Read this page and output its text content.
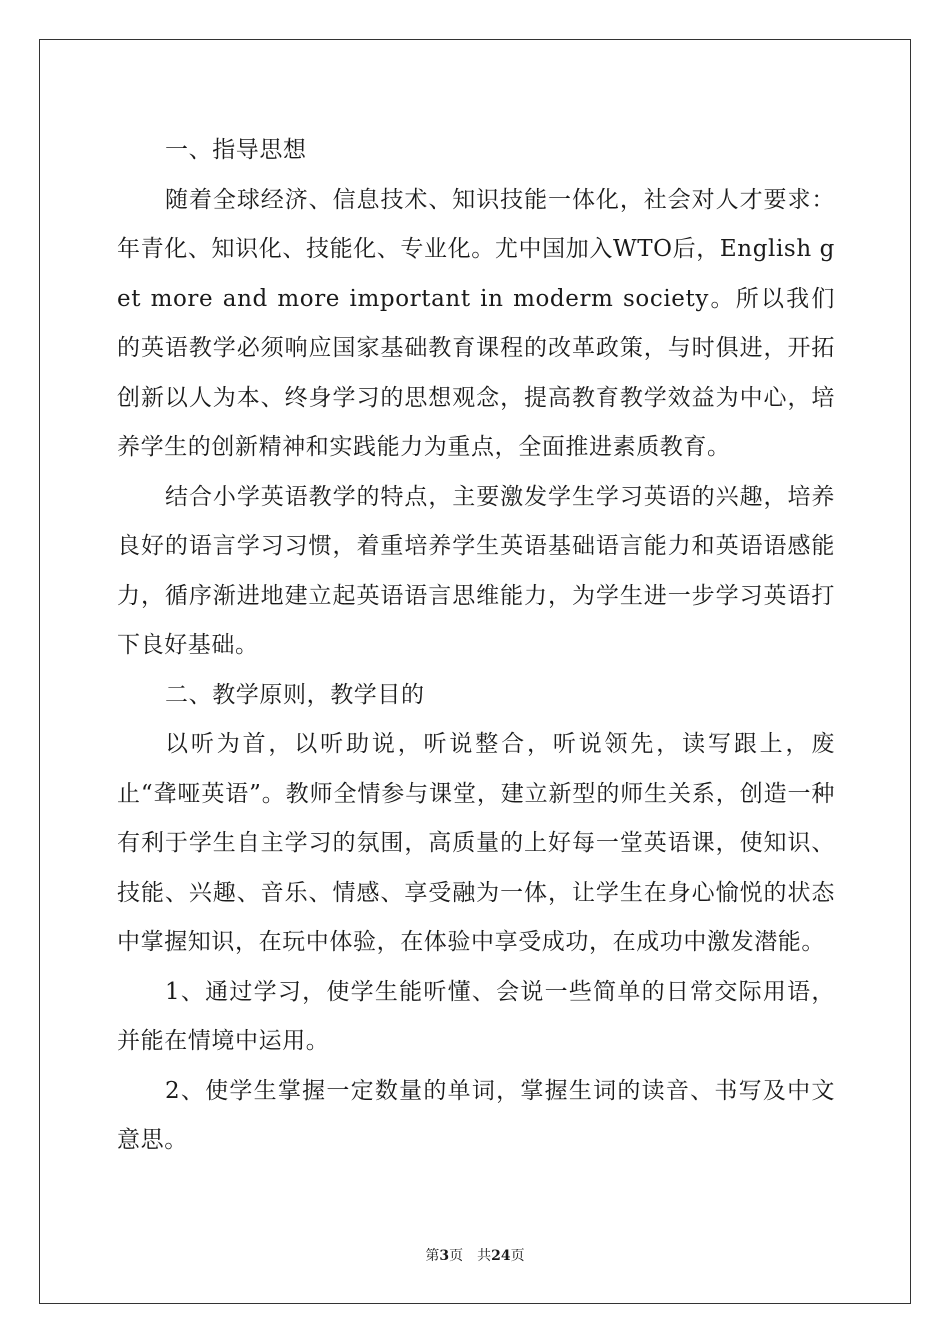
一、指导思想

随着全球经济、信息技术、知识技能一体化，社会对人才要求：年青化、知识化、技能化、专业化。尤中国加入WTO后，English get more and more important in moderm society。所以我们的英语教学必须响应国家基础教育课程的改革政策，与时俱进，开拓创新以人为本、终身学习的思想观念，提高教育教学效益为中心，培养学生的创新精神和实践能力为重点，全面推进素质教育。

结合小学英语教学的特点，主要激发学生学习英语的兴趣，培养良好的语言学习习惯，着重培养学生英语基础语言能力和英语语感能力，循序渐进地建立起英语语言思维能力，为学生进一步学习英语打下良好基础。

二、教学原则，教学目的

以听为首，以听助说，听说整合，听说领先，读写跟上，废止“聋哑英语”。教师全情参与课堂，建立新型的师生关系，创造一种有利于学生自主学习的氛围，高质量的上好每一堂英语课，使知识、技能、兴趣、音乐、情感、享受融为一体，让学生在身心愉悦的状态中掌握知识，在玩中体验，在体验中享受成功，在成功中激发潜能。

1、通过学习，使学生能听懂、会说一些简单的日常交际用语，并能在情境中运用。

2、使学生掌握一定数量的单词，掌握生词的读音、书写及中文意思。

第3页 共24页
